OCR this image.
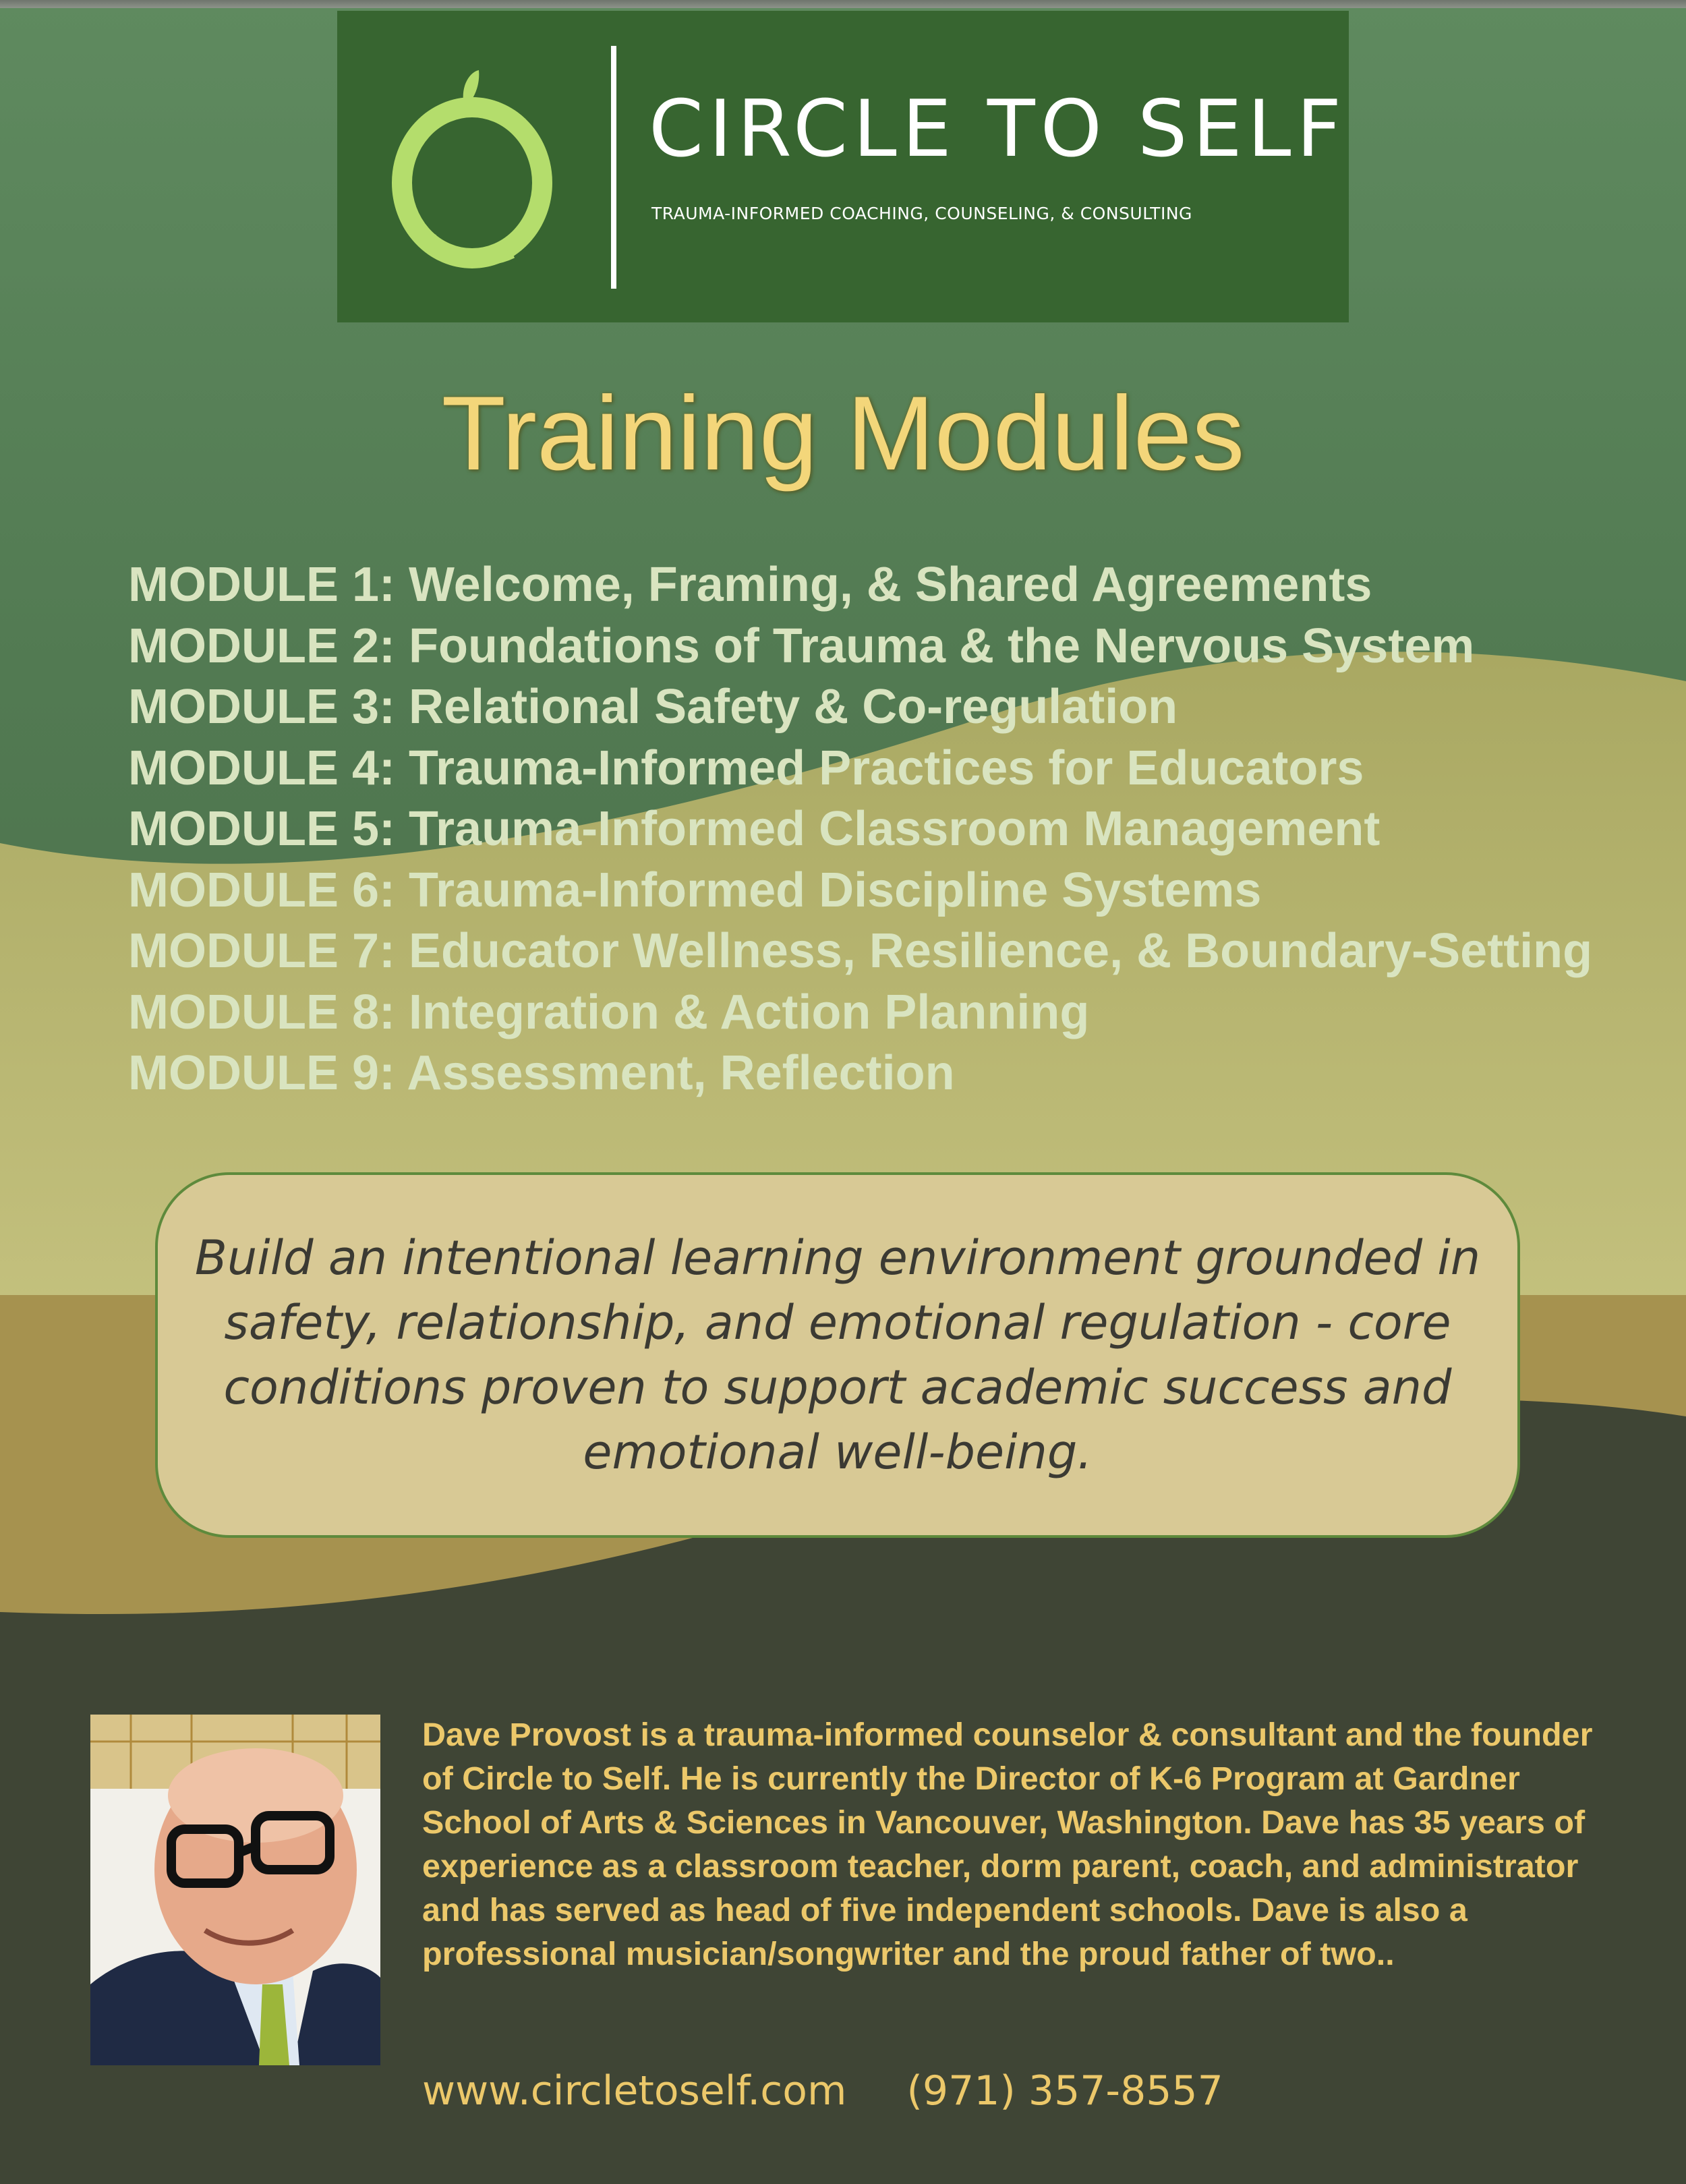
CIRCLE TO SELF
TRAUMA-INFORMED COACHING, COUNSELING, & CONSULTING
Training Modules
MODULE 1: Welcome, Framing, & Shared Agreements
MODULE 2: Foundations of Trauma & the Nervous System
MODULE 3: Relational Safety & Co-regulation
MODULE 4: Trauma-Informed Practices for Educators
MODULE 5: Trauma-Informed Classroom Management
MODULE 6: Trauma-Informed Discipline Systems
MODULE 7: Educator Wellness, Resilience, & Boundary-Setting
MODULE 8: Integration & Action Planning
MODULE 9: Assessment, Reflection

Build an intentional learning environment grounded in safety, relationship, and emotional regulation - core conditions proven to support academic success and emotional well-being.

Dave Provost is a trauma-informed counselor & consultant and the founder of Circle to Self. He is currently the Director of K-6 Program at Gardner School of Arts & Sciences in Vancouver, Washington. Dave has 35 years of experience as a classroom teacher, dorm parent, coach, and administrator and has served as head of five independent schools. Dave is also a professional musician/songwriter and the proud father of two..

www.circletoself.com (971) 357-8557
